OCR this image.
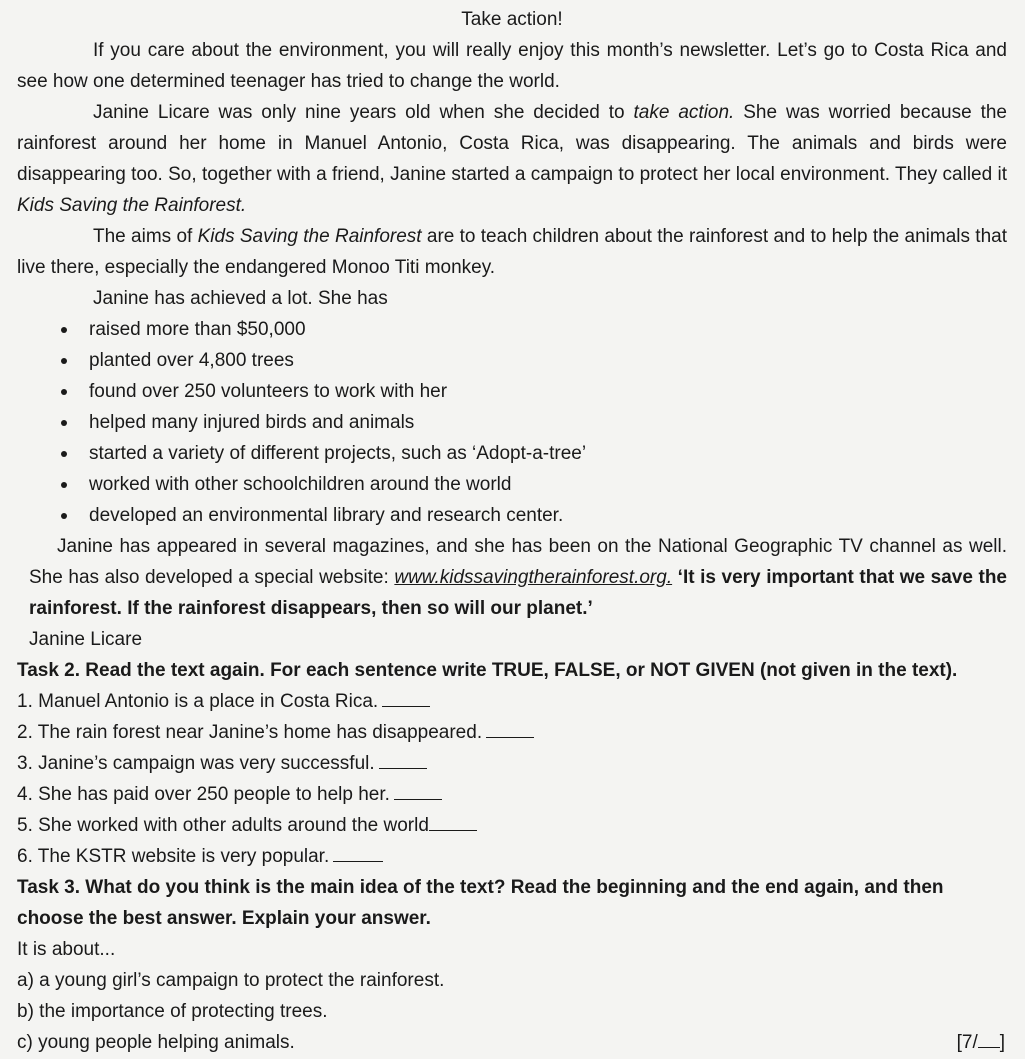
Take action!

If you care about the environment, you will really enjoy this month’s newsletter. Let’s go to Costa Rica and see how one determined teenager has tried to change the world.

Janine Licare was only nine years old when she decided to take action. She was worried because the rainforest around her home in Manuel Antonio, Costa Rica, was disappearing. The animals and birds were disappearing too. So, together with a friend, Janine started a campaign to protect her local environment. They called it Kids Saving the Rainforest.

The aims of Kids Saving the Rainforest are to teach children about the rainforest and to help the animals that live there, especially the endangered Monoo Titi monkey.

Janine has achieved a lot. She has
raised more than $50,000
planted over 4,800 trees
found over 250 volunteers to work with her
helped many injured birds and animals
started a variety of different projects, such as ‘Adopt-a-tree’
worked with other schoolchildren around the world
developed an environmental library and research center.

Janine has appeared in several magazines, and she has been on the National Geographic TV channel as well. She has also developed a special website: www.kidssavingtherainforest.org. ‘It is very important that we save the rainforest. If the rainforest disappears, then so will our planet.’

Janine Licare
Task 2. Read the text again. For each sentence write TRUE, FALSE, or NOT GIVEN (not given in the text).
1. Manuel Antonio is a place in Costa Rica.
2. The rain forest near Janine’s home has disappeared.
3. Janine’s campaign was very successful.
4. She has paid over 250 people to help her.
5. She worked with other adults around the world
6. The KSTR website is very popular.
Task 3. What do you think is the main idea of the text? Read the beginning and the end again, and then choose the best answer. Explain your answer.
It is about...
a) a young girl’s campaign to protect the rainforest.
b) the importance of protecting trees.
c) young people helping animals.	[7/ ]
